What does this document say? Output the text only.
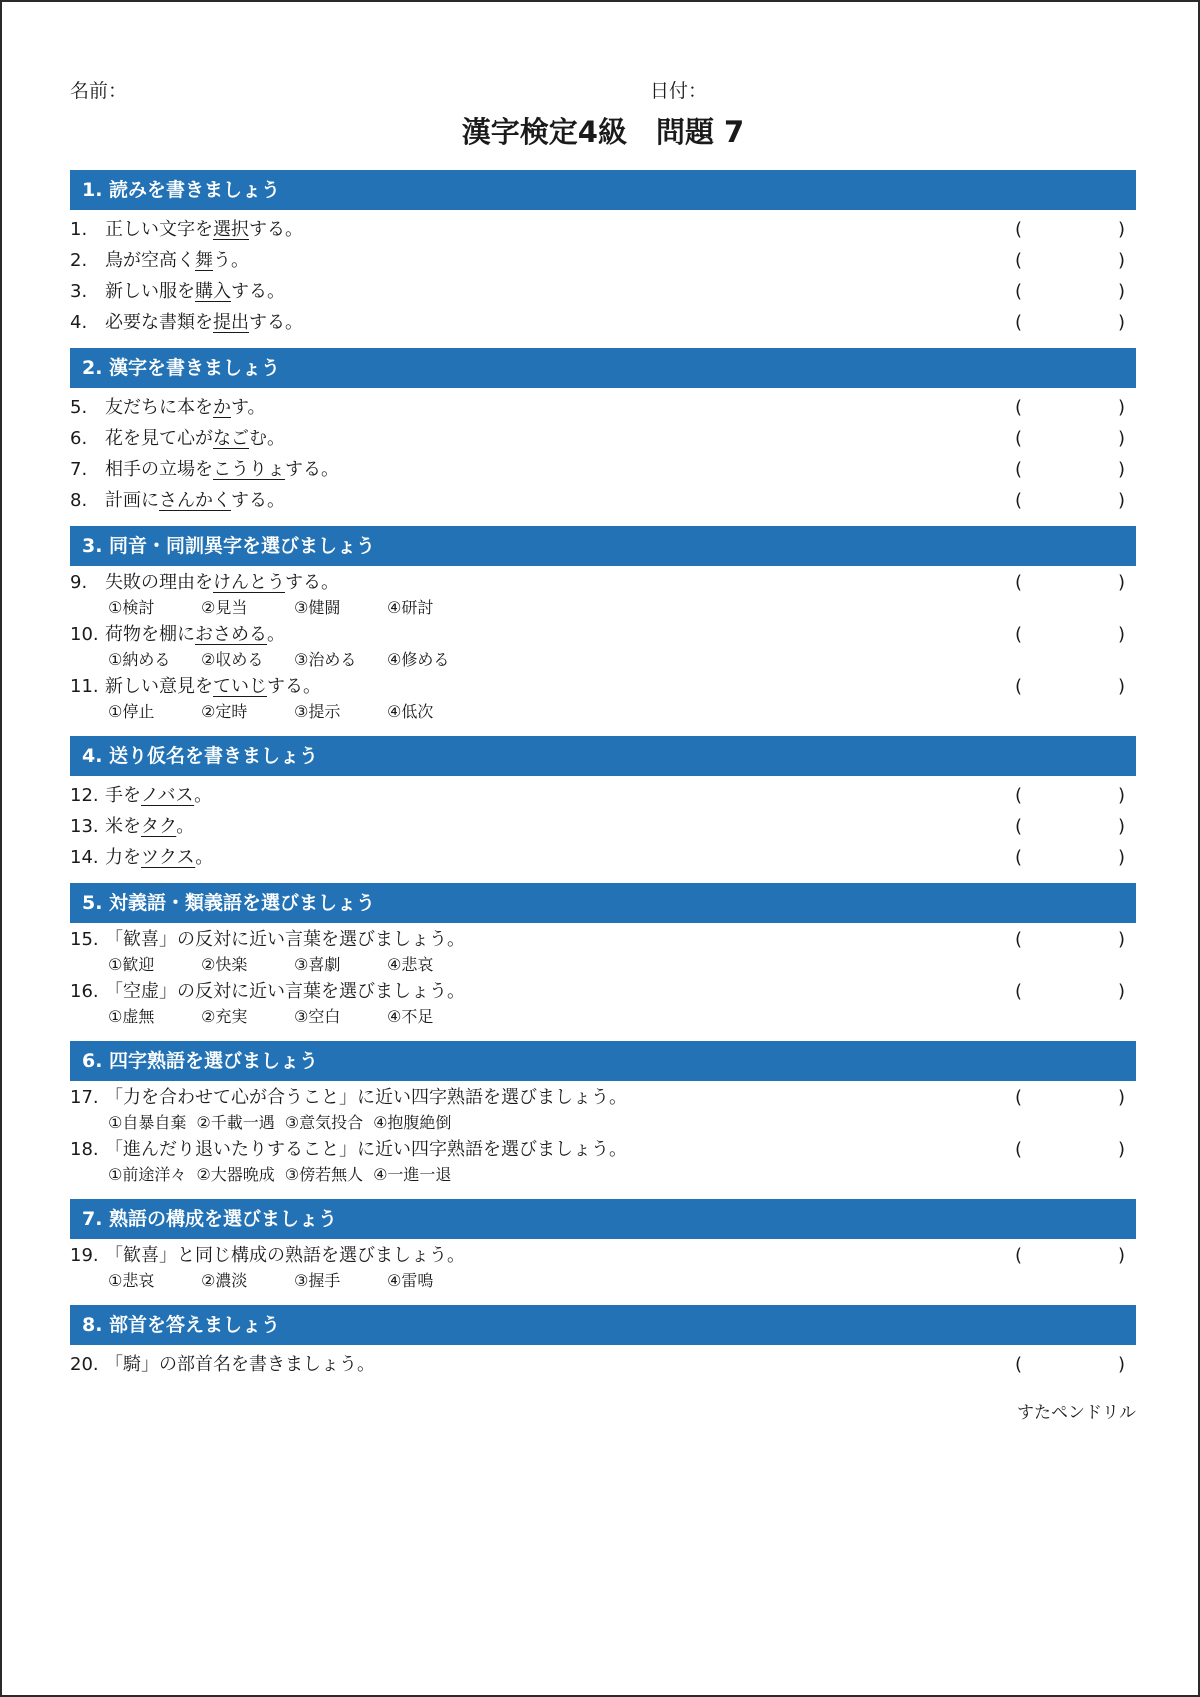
名前：	日付：
漢字検定4級　問題 7
1. 読みを書きましょう
1. 正しい文字を選択する。	(	)
2. 鳥が空高く舞う。	(	)
3. 新しい服を購入する。	(	)
4. 必要な書類を提出する。	(	)
2. 漢字を書きましょう
5. 友だちに本をかす。	(	)
6. 花を見て心がなごむ。	(	)
7. 相手の立場をこうりょする。	(	)
8. 計画にさんかくする。	(	)
3. 同音・同訓異字を選びましょう
9. 失敗の理由をけんとうする。	(	)
①検討	②見当	③健闘	④研討
10. 荷物を棚におさめる。	(	)
①納める ②収める ③治める ④修める
11. 新しい意見をていじする。	(	)
①停止	②定時	③提示	④低次
4. 送り仮名を書きましょう
12. 手をノバス。	(	)
13. 米をタク。	(	)
14. 力をツクス。	(	)
5. 対義語・類義語を選びましょう
15. 「歓喜」の反対に近い言葉を選びましょう。	(	)
①歓迎	②快楽	③喜劇	④悲哀
16. 「空虚」の反対に近い言葉を選びましょう。	(	)
①虚無	②充実	③空白	④不足
6. 四字熟語を選びましょう
17. 「力を合わせて心が合うこと」に近い四字熟語を選びましょう。	(	)
①自暴自棄 ②千載一遇 ③意気投合 ④抱腹絶倒
18. 「進んだり退いたりすること」に近い四字熟語を選びましょう。	(	)
①前途洋々 ②大器晩成 ③傍若無人 ④一進一退
7. 熟語の構成を選びましょう
19. 「歓喜」と同じ構成の熟語を選びましょう。	(	)
①悲哀	②濃淡	③握手	④雷鳴
8. 部首を答えましょう
20. 「騎」の部首名を書きましょう。	(	)
すたペンドリル
